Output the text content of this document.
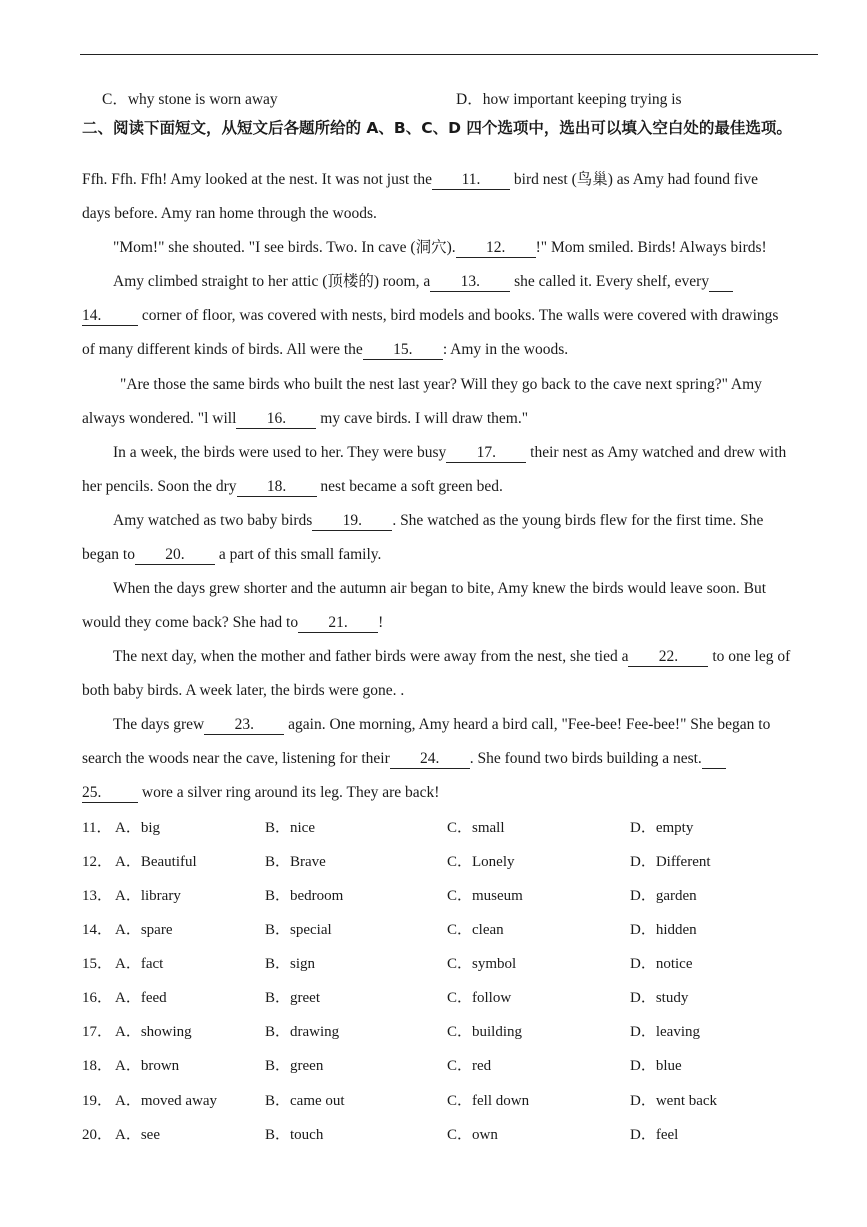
C．why stone is worn away	D．how important keeping trying is
二、阅读下面短文，从短文后各题所给的 A、B、C、D 四个选项中，选出可以填入空白处的最佳选项。
Ffh. Ffh. Ffh! Amy looked at the nest. It was not just the 11. bird nest (鸟巢) as Amy had found five
days before. Amy ran home through the woods.
"Mom!" she shouted. "I see birds. Two. In cave (洞穴). 12. !" Mom smiled. Birds! Always birds!
Amy climbed straight to her attic (顶楼的) room, a 13. she called it. Every shelf, every
14. corner of floor, was covered with nests, bird models and books. The walls were covered with drawings
of many different kinds of birds. All were the 15. : Amy in the woods.
"Are those the same birds who built the nest last year? Will they go back to the cave next spring?" Amy
always wondered. "l will 16. my cave birds. I will draw them."
In a week, the birds were used to her. They were busy 17. their nest as Amy watched and drew with
her pencils. Soon the dry 18. nest became a soft green bed.
Amy watched as two baby birds 19. . She watched as the young birds flew for the first time. She
began to 20. a part of this small family.
When the days grew shorter and the autumn air began to bite, Amy knew the birds would leave soon. But
would they come back? She had to 21. !
The next day, when the mother and father birds were away from the nest, she tied a 22. to one leg of
both baby birds. A week later, the birds were gone. .
The days grew 23. again. One morning, Amy heard a bird call, "Fee-bee! Fee-bee!" She began to
search the woods near the cave, listening for their 24. . She found two birds building a nest.
25. wore a silver ring around its leg. They are back!
11． A．big	B．nice	C．small	D．empty
12． A．Beautiful	B．Brave	C．Lonely	D．Different
13． A．library	B．bedroom	C．museum	D．garden
14． A．spare	B．special	C．clean	D．hidden
15． A．fact	B．sign	C．symbol	D．notice
16． A．feed	B．greet	C．follow	D．study
17． A．showing	B．drawing	C．building	D．leaving
18． A．brown	B．green	C．red	D．blue
19． A．moved away	B．came out	C．fell down	D．went back
20． A．see	B．touch	C．own	D．feel
